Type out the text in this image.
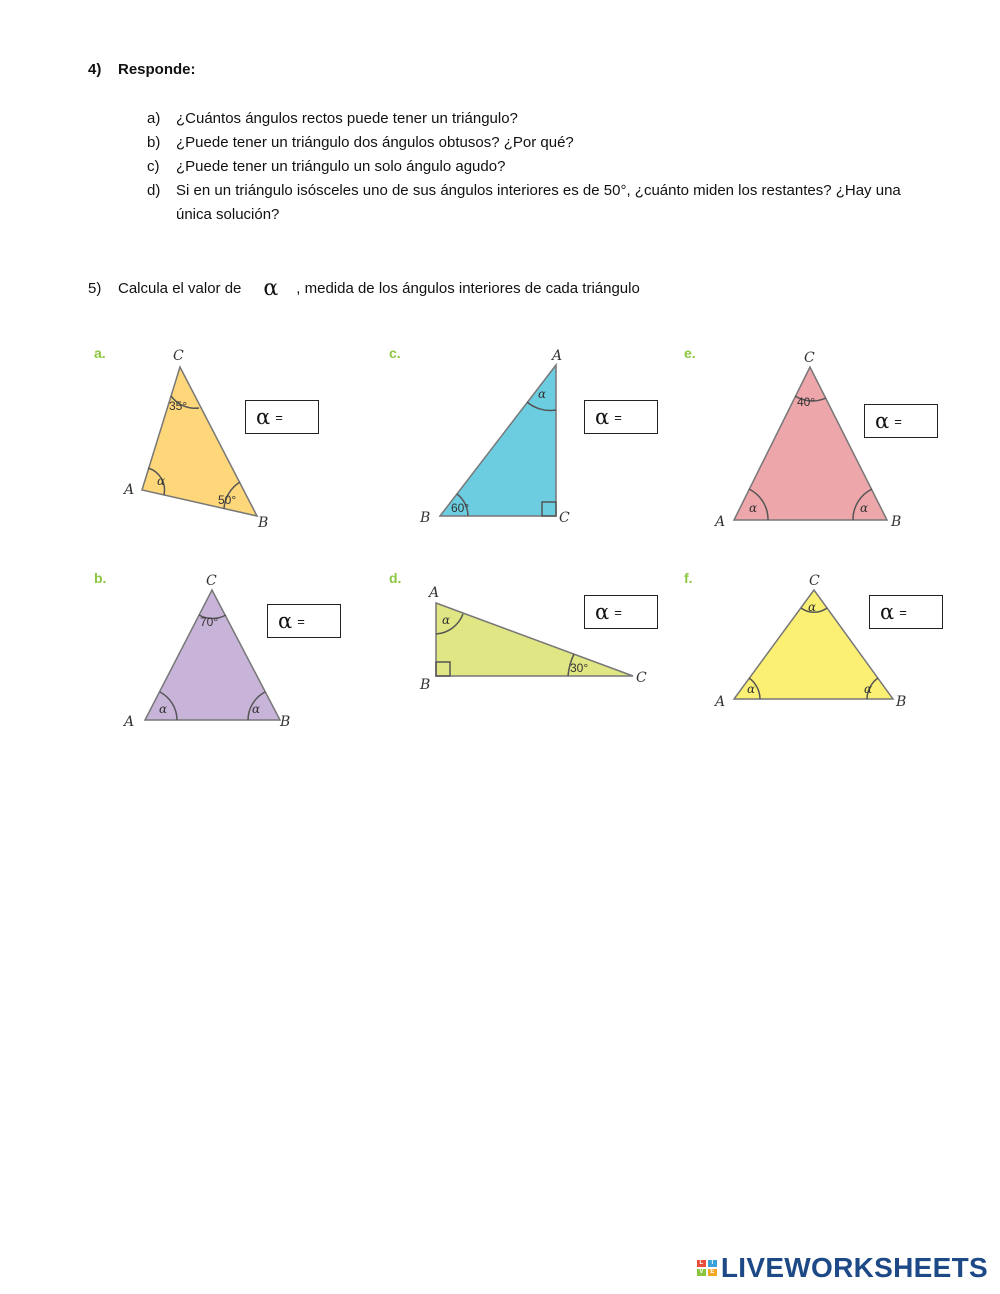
4) Responde:
a)	¿Cuántos ángulos rectos puede tener un triángulo?
b)	¿Puede tener un triángulo dos ángulos obtusos? ¿Por qué?
c)	¿Puede tener un triángulo un solo ángulo agudo?
d)	Si en un triángulo isósceles uno de sus ángulos interiores es de 50°, ¿cuánto miden los restantes? ¿Hay una única solución?
5) Calcula el valor de α , medida de los ángulos interiores de cada triángulo
a.	c.	e.
b.	d.	f.
C
A
B
35°
α
50°
C
A	B
70°
α	α
A
B	C
α
60°
A
B	C
α
30°
C
A	B
40°
α	α
C
A	B
α
α	α
α =	α =	α =
α =	α =	α =
L	I
V	E LIVEWORKSHEETS
